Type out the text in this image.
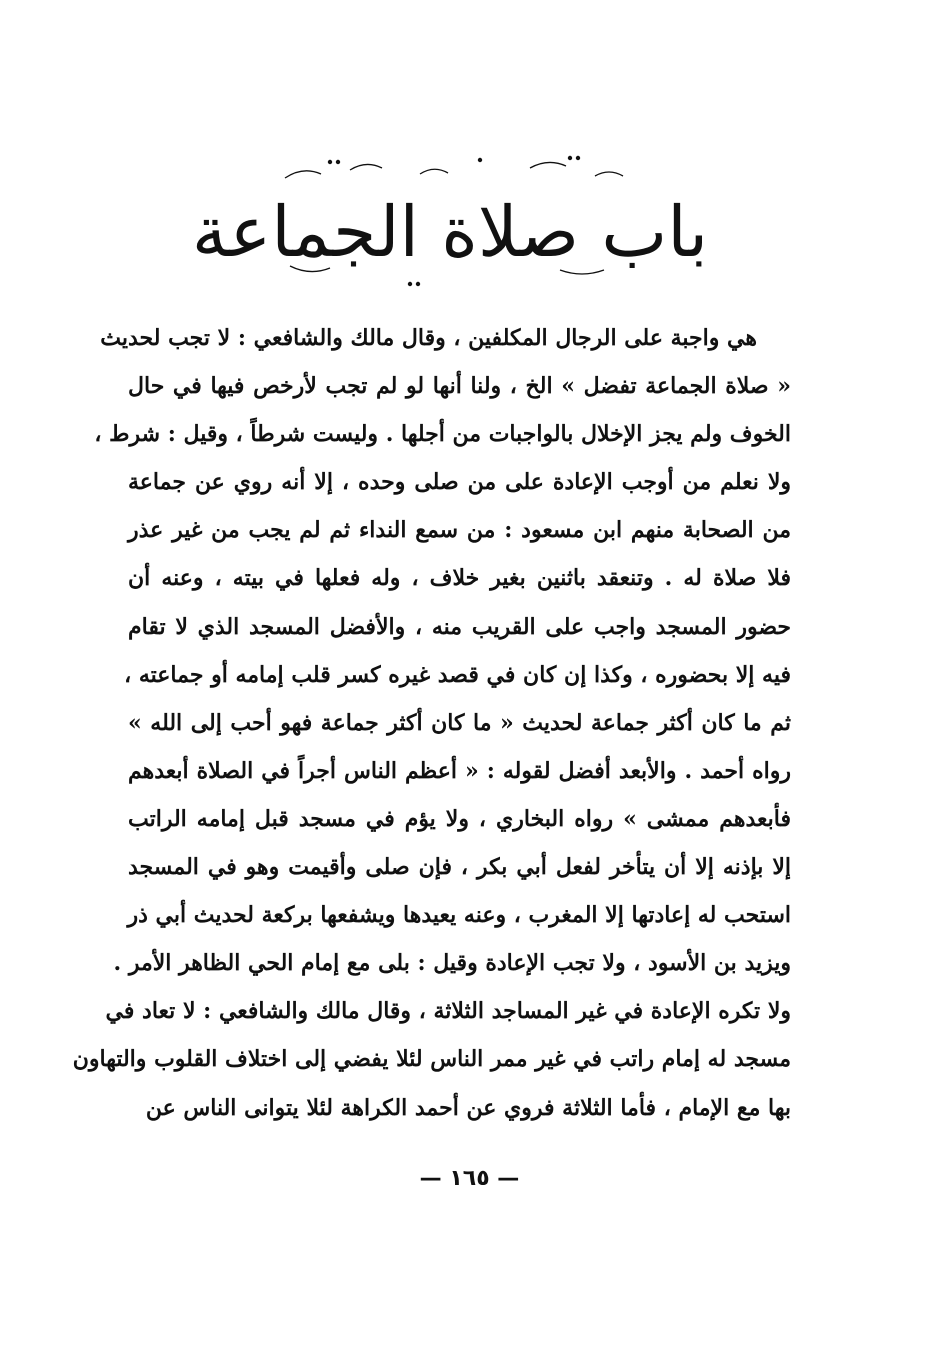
باب صلاة الجماعة
هي واجبة على الرجال المكلفين ، وقال مالك والشافعي : لا تجب لحديث
« صلاة الجماعة تفضل » الخ ، ولنا أنها لو لم تجب لأرخص فيها في حال
الخوف ولم يجز الإخلال بالواجبات من أجلها . وليست شرطاً ، وقيل : شرط ،
ولا نعلم من أوجب الإعادة على من صلى وحده ، إلا أنه روي عن جماعة
من الصحابة منهم ابن مسعود : من سمع النداء ثم لم يجب من غير عذر
فلا صلاة له . وتنعقد باثنين بغير خلاف ، وله فعلها في بيته ، وعنه أن
حضور المسجد واجب على القريب منه ، والأفضل المسجد الذي لا تقام
فيه إلا بحضوره ، وكذا إن كان في قصد غيره كسر قلب إمامه أو جماعته ،
ثم ما كان أكثر جماعة لحديث « ما كان أكثر جماعة فهو أحب إلى الله »
رواه أحمد . والأبعد أفضل لقوله : « أعظم الناس أجراً في الصلاة أبعدهم
فأبعدهم ممشى » رواه البخاري ، ولا يؤم في مسجد قبل إمامه الراتب
إلا بإذنه إلا أن يتأخر لفعل أبي بكر ، فإن صلى وأقيمت وهو في المسجد
استحب له إعادتها إلا المغرب ، وعنه يعيدها ويشفعها بركعة لحديث أبي ذر
ويزيد بن الأسود ، ولا تجب الإعادة وقيل : بلى مع إمام الحي الظاهر الأمر .
ولا تكره الإعادة في غير المساجد الثلاثة ، وقال مالك والشافعي : لا تعاد في
مسجد له إمام راتب في غير ممر الناس لئلا يفضي إلى اختلاف القلوب والتهاون
بها مع الإمام ، فأما الثلاثة فروي عن أحمد الكراهة لئلا يتوانى الناس عن
— ١٦٥ —
